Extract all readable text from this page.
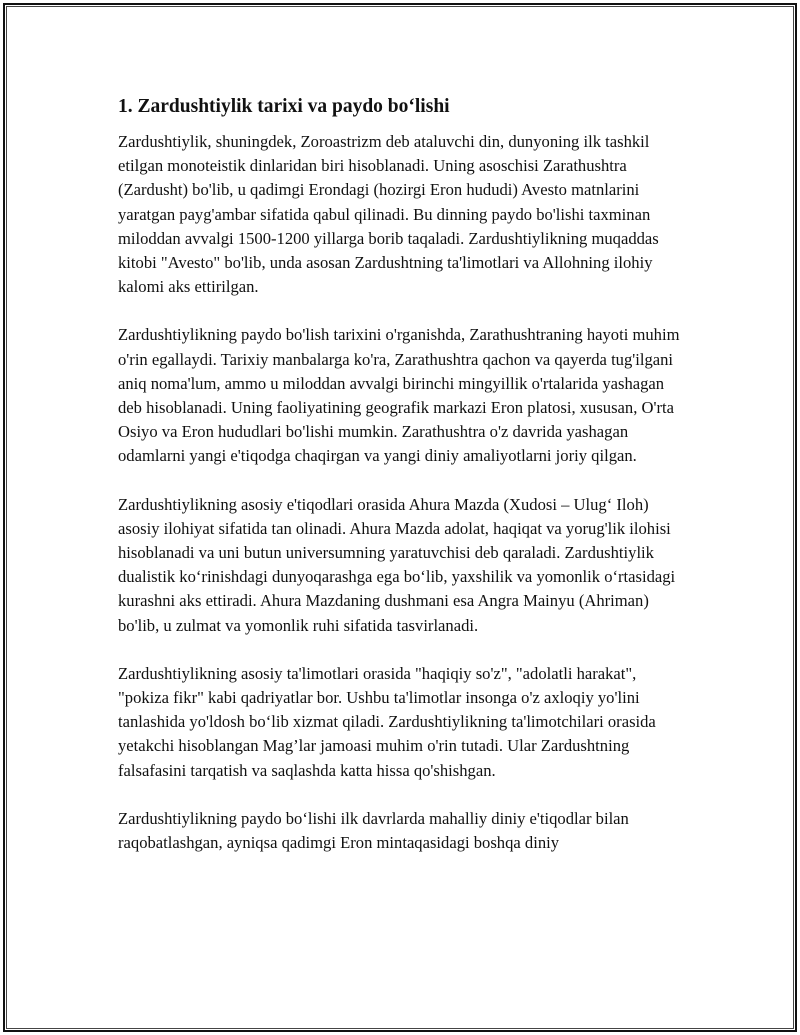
1. Zardushtiylik tarixi va paydo bo‘lishi

Zardushtiylik, shuningdek, Zoroastrizm deb ataluvchi din, dunyoning ilk tashkil etilgan monoteistik dinlaridan biri hisoblanadi. Uning asoschisi Zarathushtra (Zardusht) bo'lib, u qadimgi Erondagi (hozirgi Eron hududi) Avesto matnlarini yaratgan payg'ambar sifatida qabul qilinadi. Bu dinning paydo bo'lishi taxminan miloddan avvalgi 1500-1200 yillarga borib taqaladi. Zardushtiylikning muqaddas kitobi "Avesto" bo'lib, unda asosan Zardushtning ta'limotlari va Allohning ilohiy kalomi aks ettirilgan.

Zardushtiylikning paydo bo'lish tarixini o'rganishda, Zarathushtraning hayoti muhim o'rin egallaydi. Tarixiy manbalarga ko'ra, Zarathushtra qachon va qayerda tug'ilgani aniq noma'lum, ammo u miloddan avvalgi birinchi mingyillik o'rtalarida yashagan deb hisoblanadi. Uning faoliyatining geografik markazi Eron platosi, xususan, O'rta Osiyo va Eron hududlari bo'lishi mumkin. Zarathushtra o'z davrida yashagan odamlarni yangi e'tiqodga chaqirgan va yangi diniy amaliyotlarni joriy qilgan.

Zardushtiylikning asosiy e'tiqodlari orasida Ahura Mazda (Xudosi – Ulug‘ Iloh) asosiy ilohiyat sifatida tan olinadi. Ahura Mazda adolat, haqiqat va yorug'lik ilohisi hisoblanadi va uni butun universumning yaratuvchisi deb qaraladi. Zardushtiylik dualistik ko‘rinishdagi dunyoqarashga ega bo‘lib, yaxshilik va yomonlik o‘rtasidagi kurashni aks ettiradi. Ahura Mazdaning dushmani esa Angra Mainyu (Ahriman) bo'lib, u zulmat va yomonlik ruhi sifatida tasvirlanadi.

Zardushtiylikning asosiy ta'limotlari orasida "haqiqiy so'z", "adolatli harakat", "pokiza fikr" kabi qadriyatlar bor. Ushbu ta'limotlar insonga o'z axloqiy yo'lini tanlashida yo'ldosh bo‘lib xizmat qiladi. Zardushtiylikning ta'limotchilari orasida yetakchi hisoblangan Mag’lar jamoasi muhim o'rin tutadi. Ular Zardushtning falsafasini tarqatish va saqlashda katta hissa qo'shishgan.

Zardushtiylikning paydo bo‘lishi ilk davrlarda mahalliy diniy e'tiqodlar bilan raqobatlashgan, ayniqsa qadimgi Eron mintaqasidagi boshqa diniy
